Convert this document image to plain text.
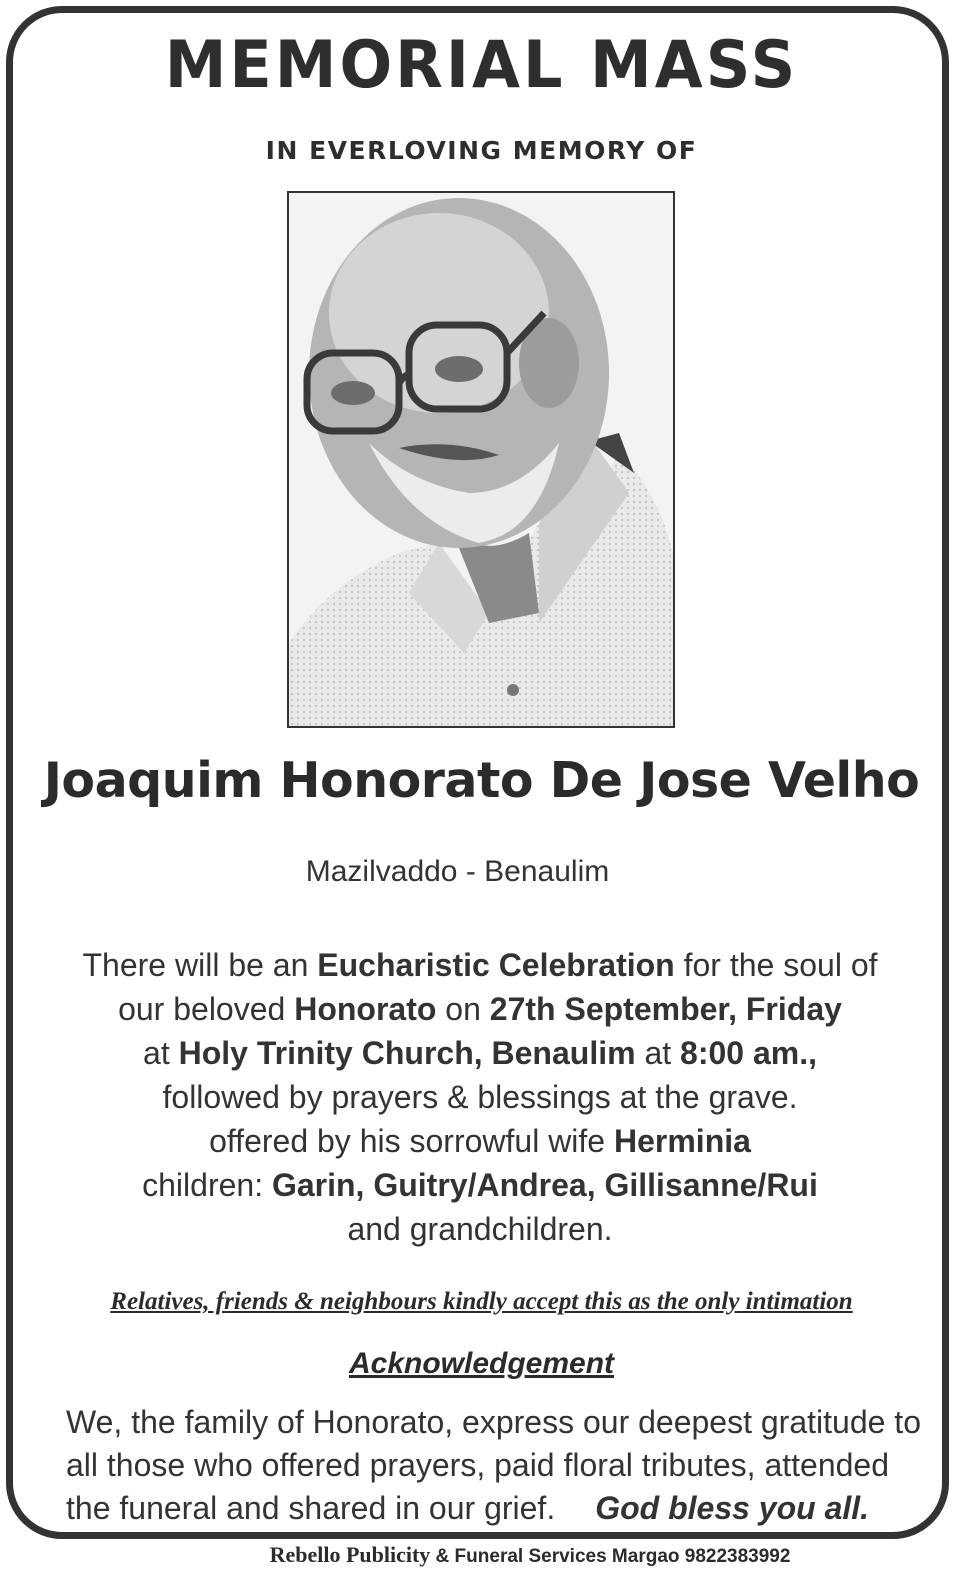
MEMORIAL MASS
IN EVERLOVING MEMORY OF
Joaquim Honorato De Jose Velho
Mazilvaddo - Benaulim
There will be an Eucharistic Celebration for the soul of
our beloved Honorato on 27th September, Friday
at Holy Trinity Church, Benaulim at 8:00 am.,
followed by prayers & blessings at the grave.
offered by his sorrowful wife Herminia
children: Garin, Guitry/Andrea, Gillisanne/Rui
and grandchildren.
Relatives, friends & neighbours kindly accept this as the only intimation
Acknowledgement
We, the family of Honorato, express our deepest gratitude to all those who offered prayers, paid floral tributes, attended the funeral and shared in our grief. God bless you all.
Rebello Publicity & Funeral Services Margao 9822383992
